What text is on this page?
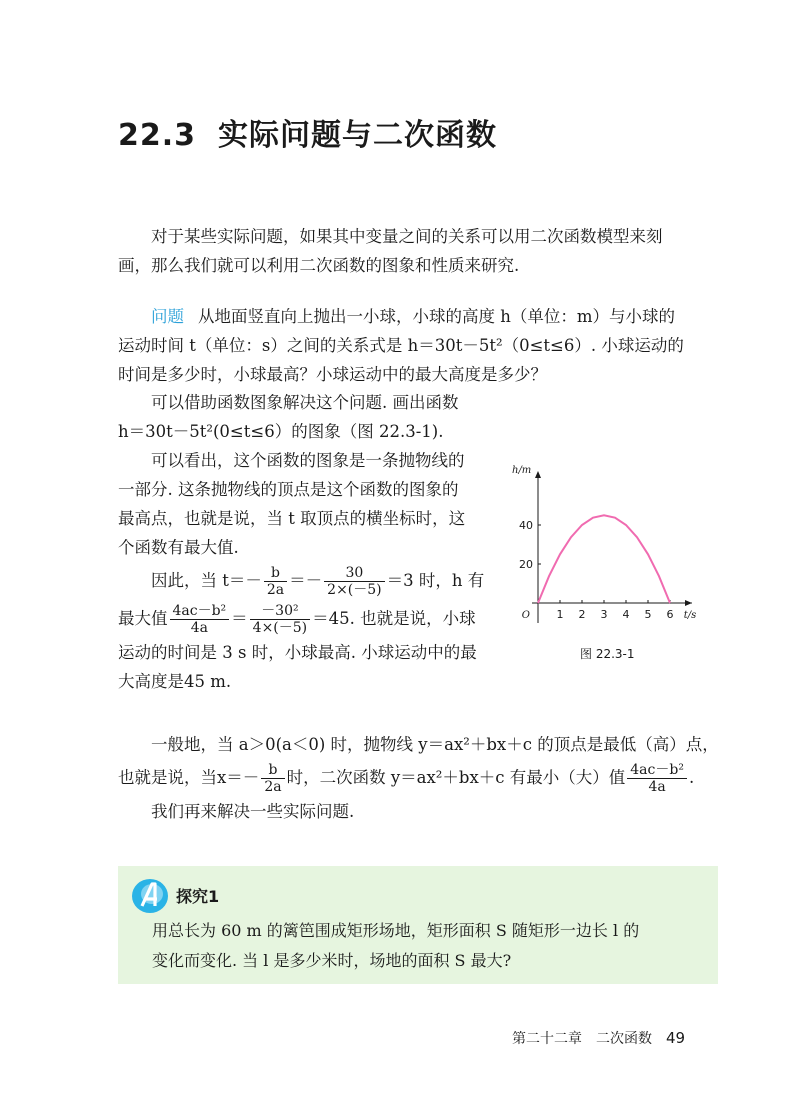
22.3 实际问题与二次函数
对于某些实际问题，如果其中变量之间的关系可以用二次函数模型来刻
画，那么我们就可以利用二次函数的图象和性质来研究.
问题 从地面竖直向上抛出一小球，小球的高度 h（单位：m）与小球的
运动时间 t（单位：s）之间的关系式是 h＝30t－5t²（0≤t≤6）. 小球运动的
时间是多少时，小球最高？小球运动中的最大高度是多少？
可以借助函数图象解决这个问题. 画出函数
h＝30t－5t²(0≤t≤6）的图象（图 22.3-1).
可以看出，这个函数的图象是一条抛物线的
一部分. 这条抛物线的顶点是这个函数的图象的
最高点，也就是说，当 t 取顶点的横坐标时，这
个函数有最大值.
因此，当 $t=- \frac{b}{2a} =- \frac{30}{2\times(-5)} =3$ 时，h 有
最大值 $\frac{\text{4ac－b²}}{4a} = \frac{\text{－30²}}{4\times(-5)} =45$. 也就是说，小球
运动的时间是 3 s 时，小球最高. 小球运动中的最
大高度是45 m.
1 2 3 4 5 6
20
40
O	t/s
h/m
图 22.3-1
一般地，当 a＞0(a＜0) 时，抛物线 y＝ax²＋bx＋c 的顶点是最低（高）点，
也就是说，当$x=- \frac{b}{2a}$ 时，二次函数 y＝ax²＋bx＋c 有最小（大）值 $\frac{\text{4ac－b²}}{4a}$ .
我们再来解决一些实际问题.
探究1
用总长为 60 m 的篱笆围成矩形场地，矩形面积 S 随矩形一边长 l 的
变化而变化. 当 l 是多少米时，场地的面积 S 最大?
第二十二章　二次函数 49
